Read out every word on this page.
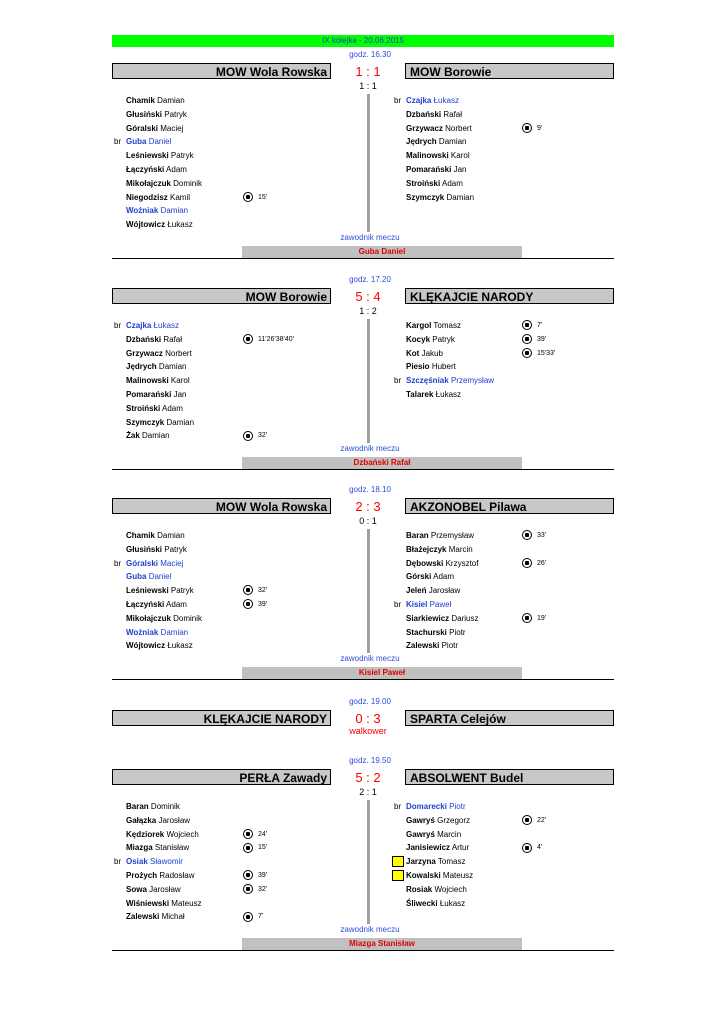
IX kolejka - 20.06.2015
godz. 16.30
MOW Wola Rowska	MOW Borowie
1 : 1
1 : 1
Chamik Damian
Głusiński Patryk
Góralski Maciej
br Guba Daniel
Leśniewski Patryk
Łączyński Adam
Mikołajczuk Dominik
Niegodzisz Kamil	15'
Woźniak Damian
Wójtowicz Łukasz
br Czajka Łukasz
Dzbański Rafał
Grzywacz Norbert	9'
Jędrych Damian
Malinowski Karol
Pomarański Jan
Stroiński Adam
Szymczyk Damian
zawodnik meczu
Guba Daniel
godz. 17.20
MOW Borowie	KLĘKAJCIE NARODY
5 : 4
1 : 2
br Czajka Łukasz
Dzbański Rafał	11'26'38'40'
Grzywacz Norbert
Jędrych Damian
Malinowski Karol
Pomarański Jan
Stroiński Adam
Szymczyk Damian
Żak Damian	32'
Kargol Tomasz	7'
Kocyk Patryk	39'
Kot Jakub	15'33'
Piesio Hubert
br Szczęśniak Przemysław
Talarek Łukasz
zawodnik meczu
Dzbański Rafał
godz. 18.10
MOW Wola Rowska	AKZONOBEL Pilawa
2 : 3
0 : 1
Chamik Damian
Głusiński Patryk
br Góralski Maciej
Guba Daniel
Leśniewski Patryk	32'
Łączyński Adam	39'
Mikołajczuk Dominik
Woźniak Damian
Wójtowicz Łukasz
Baran Przemysław	33'
Błażejczyk Marcin
Dębowski Krzysztof	26'
Górski Adam
Jeleń Jarosław
br Kisiel Paweł
Siarkiewicz Dariusz	19'
Stachurski Piotr
Zalewski Piotr
zawodnik meczu
Kisiel Paweł
godz. 19.00
KLĘKAJCIE NARODY	SPARTA Celejów
0 : 3
walkower
godz. 19.50
PERŁA Zawady	ABSOLWENT Budel
5 : 2
2 : 1
Baran Dominik
Gałązka Jarosław
Kędziorek Wojciech	24'
Miazga Stanisław	15'
br Osiak Sławomir
Prożych Radosław	39'
Sowa Jarosław	32'
Wiśniewski Mateusz
Zalewski Michał	7'
br Domarecki Piotr
Gawryś Grzegorz	22'
Gawryś Marcin
Janisiewicz Artur	4'
Jarzyna Tomasz
Kowalski Mateusz
Rosiak Wojciech
Śliwecki Łukasz
zawodnik meczu
Miazga Stanisław
